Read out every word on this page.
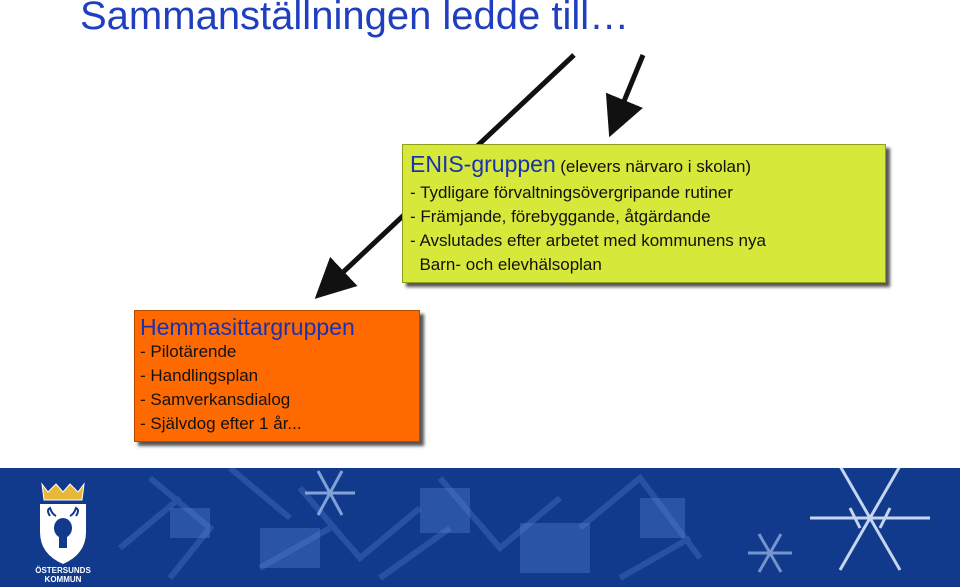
Sammanställningen ledde till…
ENIS-gruppen (elevers närvaro i skolan)
- Tydligare förvaltningsövergripande rutiner
- Främjande, förebyggande, åtgärdande
- Avslutades efter arbetet med kommunens nya
Barn- och elevhälsoplan
Hemmasittargruppen
- Pilotärende
- Handlingsplan
- Samverkansdialog
- Självdog efter 1 år...
ÖSTERSUNDS
KOMMUN
